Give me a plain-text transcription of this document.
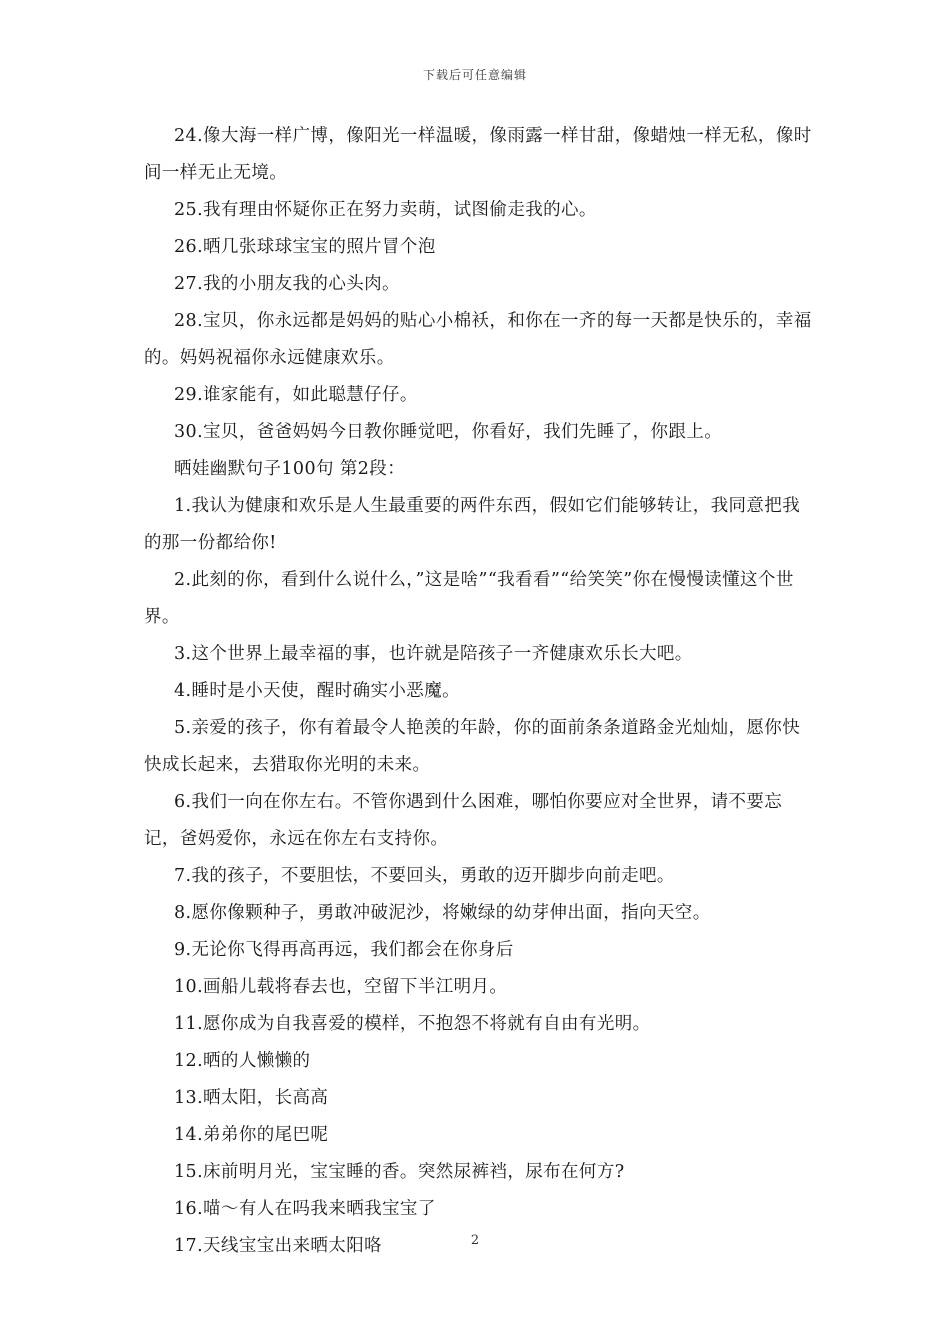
下载后可任意编辑

24.像大海一样广博，像阳光一样温暖，像雨露一样甘甜，像蜡烛一样无私，像时间一样无止无境。

25.我有理由怀疑你正在努力卖萌，试图偷走我的心。

26.晒几张球球宝宝的照片冒个泡

27.我的小朋友我的心头肉。

28.宝贝，你永远都是妈妈的贴心小棉袄，和你在一齐的每一天都是快乐的，幸福的。妈妈祝福你永远健康欢乐。

29.谁家能有，如此聪慧仔仔。

30.宝贝，爸爸妈妈今日教你睡觉吧，你看好，我们先睡了，你跟上。

晒娃幽默句子100句 第2段：

1.我认为健康和欢乐是人生最重要的两件东西，假如它们能够转让，我同意把我的那一份都给你!

2.此刻的你，看到什么说什么，”这是啥”“我看看”“给笑笑”你在慢慢读懂这个世界。

3.这个世界上最幸福的事，也许就是陪孩子一齐健康欢乐长大吧。

4.睡时是小天使，醒时确实小恶魔。

5.亲爱的孩子，你有着最令人艳羡的年龄，你的面前条条道路金光灿灿，愿你快快成长起来，去猎取你光明的未来。

6.我们一向在你左右。不管你遇到什么困难，哪怕你要应对全世界，请不要忘记，爸妈爱你，永远在你左右支持你。

7.我的孩子，不要胆怯，不要回头，勇敢的迈开脚步向前走吧。

8.愿你像颗种子，勇敢冲破泥沙，将嫩绿的幼芽伸出面，指向天空。

9.无论你飞得再高再远，我们都会在你身后

10.画船儿载将春去也，空留下半江明月。

11.愿你成为自我喜爱的模样，不抱怨不将就有自由有光明。

12.晒的人懒懒的

13.晒太阳，长高高

14.弟弟你的尾巴呢

15.床前明月光，宝宝睡的香。突然尿裤裆，尿布在何方?

16.喵～有人在吗我来晒我宝宝了

17.天线宝宝出来晒太阳咯	2
